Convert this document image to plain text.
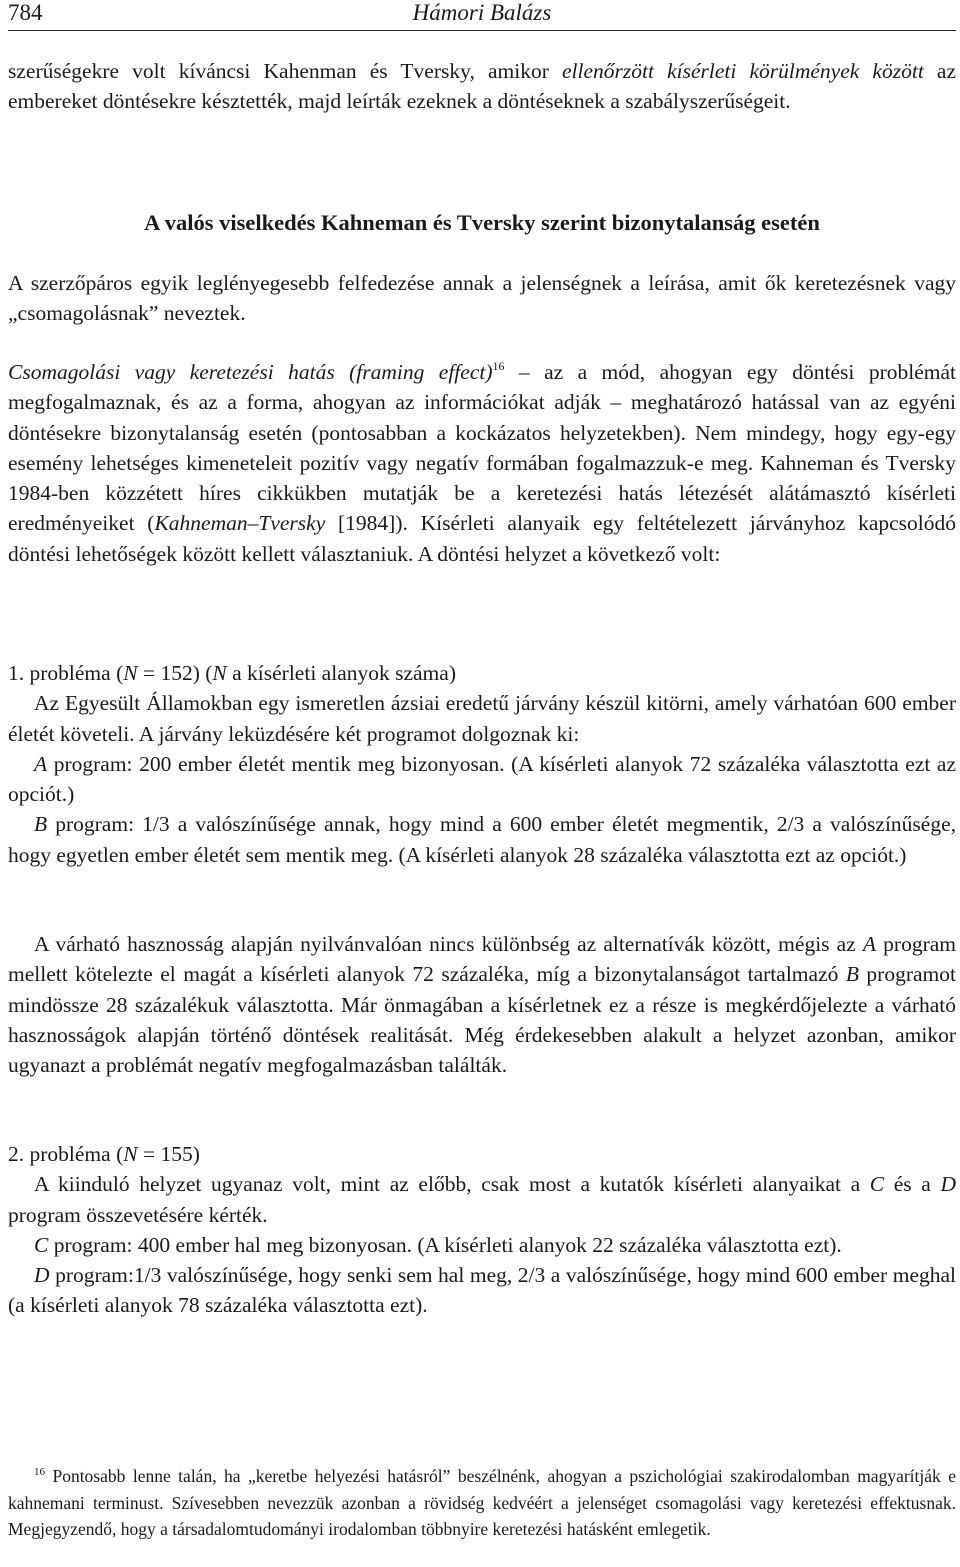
784	Hámori Balázs

szerűségekre volt kíváncsi Kahenman és Tversky, amikor ellenőrzött kísérleti körülmények között az embereket döntésekre késztették, majd leírták ezeknek a döntéseknek a szabályszerűségeit.

A valós viselkedés Kahneman és Tversky szerint bizonytalanság esetén

A szerzőpáros egyik leglényegesebb felfedezése annak a jelenségnek a leírása, amit ők keretezésnek vagy „csomagolásnak” neveztek.

Csomagolási vagy keretezési hatás (framing effect)$^{16}$ – az a mód, ahogyan egy döntési problémát megfogalmaznak, és az a forma, ahogyan az információkat adják – meghatározó hatással van az egyéni döntésekre bizonytalanság esetén (pontosabban a kockázatos helyzetekben). Nem mindegy, hogy egy-egy esemény lehetséges kimeneteleit pozitív vagy negatív formában fogalmazzuk-e meg. Kahneman és Tversky 1984-ben közzétett híres cikkükben mutatják be a keretezési hatás létezését alátámasztó kísérleti eredményeiket (Kahneman–Tversky [1984]). Kísérleti alanyaik egy feltételezett járványhoz kapcsolódó döntési lehetőségek között kellett választaniuk. A döntési helyzet a következő volt:

1. probléma (N = 152) (N a kísérleti alanyok száma)

Az Egyesült Államokban egy ismeretlen ázsiai eredetű járvány készül kitörni, amely várhatóan 600 ember életét követeli. A járvány leküzdésére két programot dolgoznak ki:

A program: 200 ember életét mentik meg bizonyosan. (A kísérleti alanyok 72 százaléka választotta ezt az opciót.)

B program: 1/3 a valószínűsége annak, hogy mind a 600 ember életét megmentik, 2/3 a valószínűsége, hogy egyetlen ember életét sem mentik meg. (A kísérleti alanyok 28 százaléka választotta ezt az opciót.)

A várható hasznosság alapján nyilvánvalóan nincs különbség az alternatívák között, mégis az A program mellett kötelezte el magát a kísérleti alanyok 72 százaléka, míg a bizonytalanságot tartalmazó B programot mindössze 28 százalékuk választotta. Már önmagában a kísérletnek ez a része is megkérdőjelezte a várható hasznosságok alapján történő döntések realitását. Még érdekesebben alakult a helyzet azonban, amikor ugyanazt a problémát negatív megfogalmazásban találták.

2. probléma (N = 155)

A kiinduló helyzet ugyanaz volt, mint az előbb, csak most a kutatók kísérleti alanyaikat a C és a D program összevetésére kérték.

C program: 400 ember hal meg bizonyosan. (A kísérleti alanyok 22 százaléka választotta ezt).

D program:1/3 valószínűsége, hogy senki sem hal meg, 2/3 a valószínűsége, hogy mind 600 ember meghal (a kísérleti alanyok 78 százaléka választotta ezt).

$^{16}$ Pontosabb lenne talán, ha „keretbe helyezési hatásról” beszélnénk, ahogyan a pszichológiai szakirodalomban magyarítják e kahnemani terminust. Szívesebben nevezzük azonban a rövidség kedvéért a jelenséget csomagolási vagy keretezési effektusnak. Megjegyzendő, hogy a társadalomtudományi irodalomban többnyire keretezési hatásként emlegetik.
